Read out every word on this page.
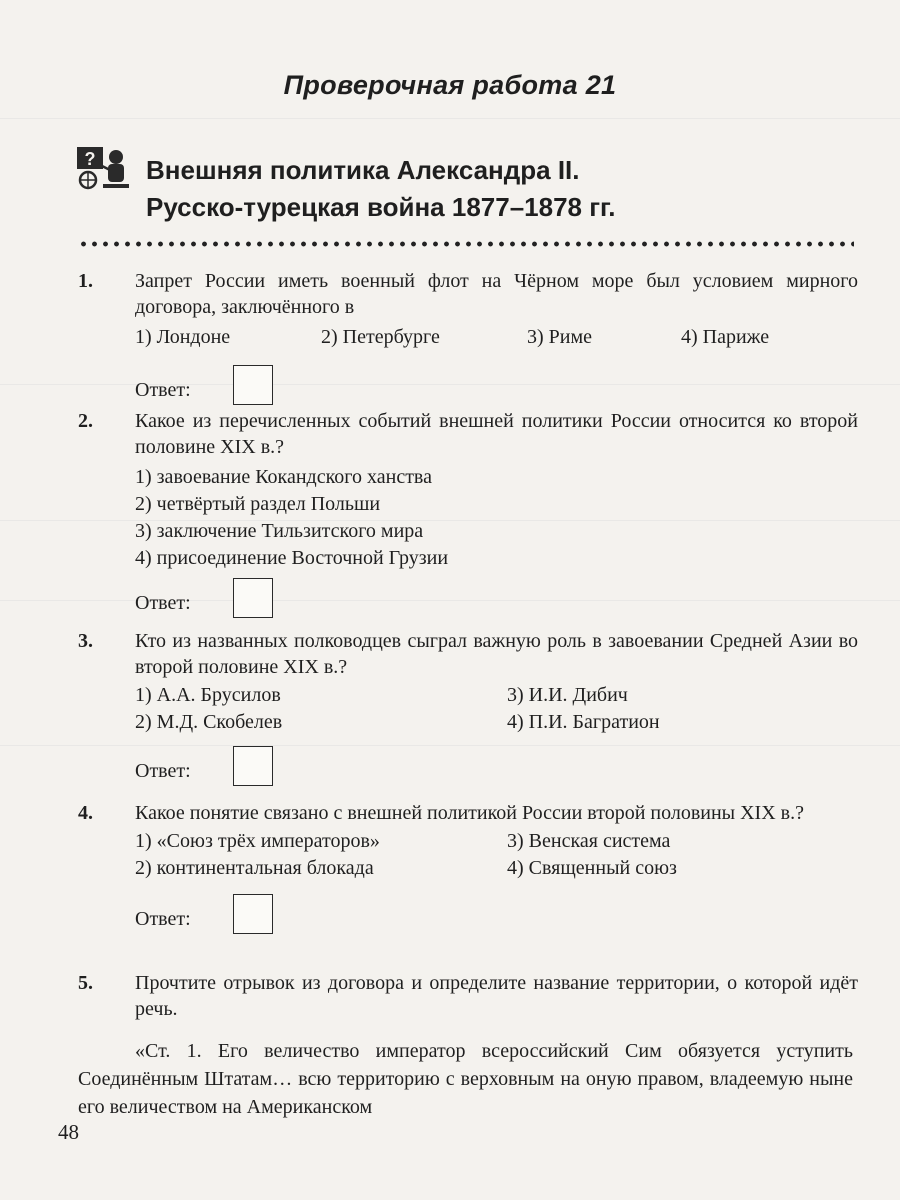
Проверочная работа 21
? Внешняя политика Александра II.
Русско-турецкая война 1877–1878 гг.
1. Запрет России иметь военный флот на Чёрном море был условием мирного договора, заключённого в
1) Лондоне	2) Петербурге	3) Риме	4) Париже
Ответ:
2. Какое из перечисленных событий внешней политики России относится ко второй половине XIX в.?
1) завоевание Кокандского ханства
2) четвёртый раздел Польши
3) заключение Тильзитского мира
4) присоединение Восточной Грузии
Ответ:
3. Кто из названных полководцев сыграл важную роль в завоевании Средней Азии во второй половине XIX в.?
1) А.А. Брусилов	3) И.И. Дибич
2) М.Д. Скобелев	4) П.И. Багратион
Ответ:
4. Какое понятие связано с внешней политикой России второй половины XIX в.?
1) «Союз трёх императоров»	3) Венская система
2) континентальная блокада	4) Священный союз
Ответ:
5. Прочтите отрывок из договора и определите название территории, о которой идёт речь.
«Ст. 1. Его величество император всероссийский Сим обязуется уступить Соединённым Штатам… всю территорию с верховным на оную правом, владеемую ныне его величеством на Американском
48
